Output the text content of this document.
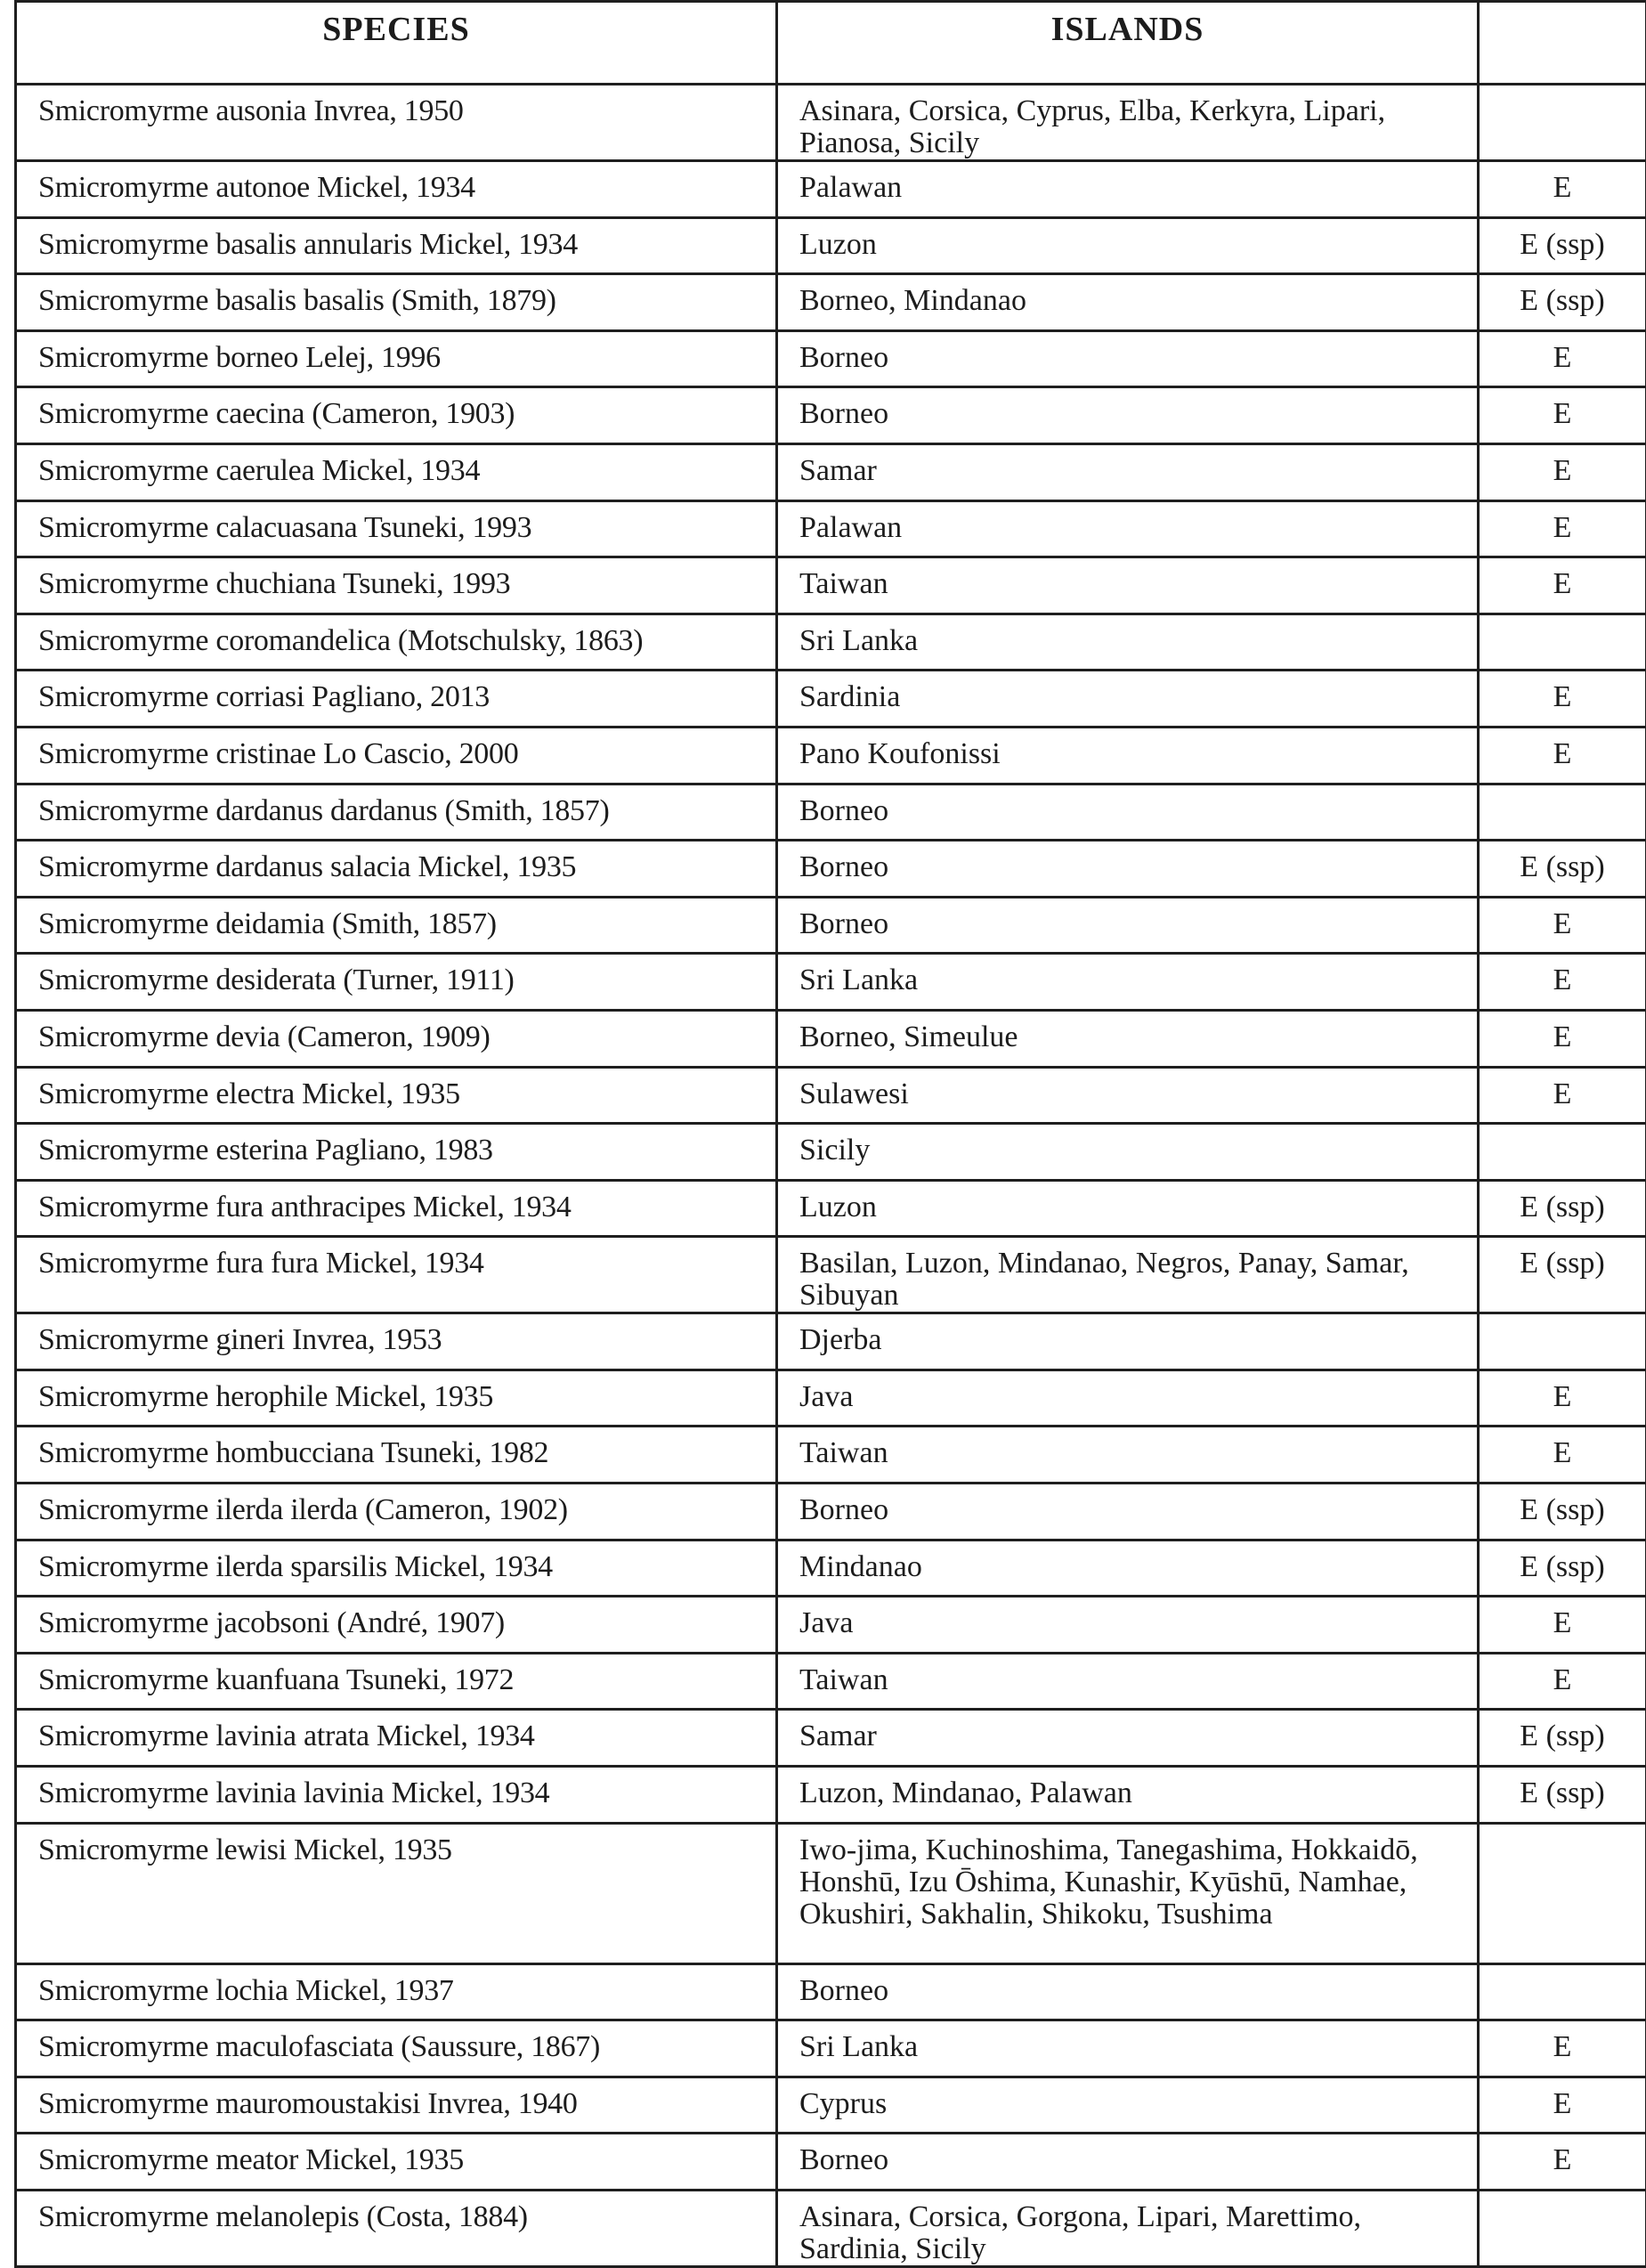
SPECIES	ISLANDS	
Smicromyrme ausonia Invrea, 1950	Asinara, Corsica, Cyprus, Elba, Kerkyra, Lipari, Pianosa, Sicily	
Smicromyrme autonoe Mickel, 1934	Palawan	E
Smicromyrme basalis annularis Mickel, 1934	Luzon	E (ssp)
Smicromyrme basalis basalis (Smith, 1879)	Borneo, Mindanao	E (ssp)
Smicromyrme borneo Lelej, 1996	Borneo	E
Smicromyrme caecina (Cameron, 1903)	Borneo	E
Smicromyrme caerulea Mickel, 1934	Samar	E
Smicromyrme calacuasana Tsuneki, 1993	Palawan	E
Smicromyrme chuchiana Tsuneki, 1993	Taiwan	E
Smicromyrme coromandelica (Motschulsky, 1863)	Sri Lanka	
Smicromyrme corriasi Pagliano, 2013	Sardinia	E
Smicromyrme cristinae Lo Cascio, 2000	Pano Koufonissi	E
Smicromyrme dardanus dardanus (Smith, 1857)	Borneo	
Smicromyrme dardanus salacia Mickel, 1935	Borneo	E (ssp)
Smicromyrme deidamia (Smith, 1857)	Borneo	E
Smicromyrme desiderata (Turner, 1911)	Sri Lanka	E
Smicromyrme devia (Cameron, 1909)	Borneo, Simeulue	E
Smicromyrme electra Mickel, 1935	Sulawesi	E
Smicromyrme esterina Pagliano, 1983	Sicily	
Smicromyrme fura anthracipes Mickel, 1934	Luzon	E (ssp)
Smicromyrme fura fura Mickel, 1934	Basilan, Luzon, Mindanao, Negros, Panay, Samar, Sibuyan	E (ssp)
Smicromyrme gineri Invrea, 1953	Djerba	
Smicromyrme herophile Mickel, 1935	Java	E
Smicromyrme hombucciana Tsuneki, 1982	Taiwan	E
Smicromyrme ilerda ilerda (Cameron, 1902)	Borneo	E (ssp)
Smicromyrme ilerda sparsilis Mickel, 1934	Mindanao	E (ssp)
Smicromyrme jacobsoni (André, 1907)	Java	E
Smicromyrme kuanfuana Tsuneki, 1972	Taiwan	E
Smicromyrme lavinia atrata Mickel, 1934	Samar	E (ssp)
Smicromyrme lavinia lavinia Mickel, 1934	Luzon, Mindanao, Palawan	E (ssp)
Smicromyrme lewisi Mickel, 1935	Iwo-jima, Kuchinoshima, Tanegashima, Hokkaidō, Honshū, Izu Ōshima, Kunashir, Kyūshū, Namhae, Okushiri, Sakhalin, Shikoku, Tsushima	
Smicromyrme lochia Mickel, 1937	Borneo	
Smicromyrme maculofasciata (Saussure, 1867)	Sri Lanka	E
Smicromyrme mauromoustakisi Invrea, 1940	Cyprus	E
Smicromyrme meator Mickel, 1935	Borneo	E
Smicromyrme melanolepis (Costa, 1884)	Asinara, Corsica, Gorgona, Lipari, Marettimo, Sardinia, Sicily	
